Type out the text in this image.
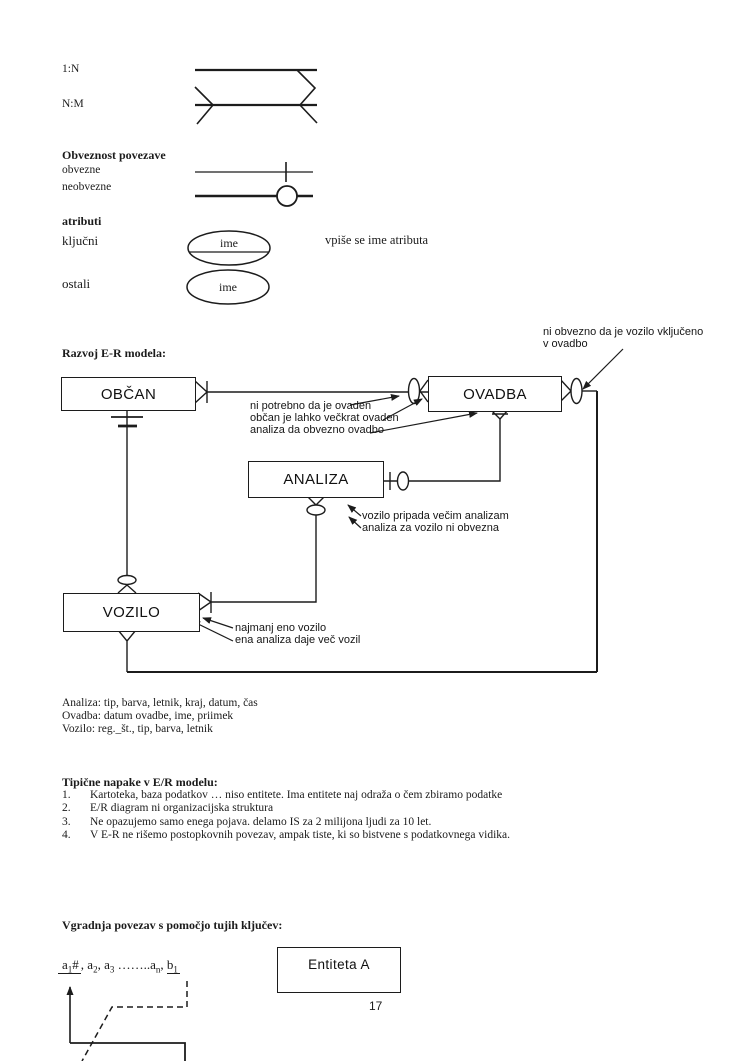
1:N
N:M
Obveznost povezave
obvezne
neobvezne
atributi
ključni	ime	vpiše se ime atributa
ostali	ime
Razvoj E-R modela:
OBČAN	OVADBA
ANALIZA
VOZILO
ni obvezno da je vozilo vključeno
v ovadbo
ni potrebno da je ovaden
občan je lahko večkrat ovaden
analiza da obvezno ovadbo
vozilo pripada večim analizam
analiza za vozilo ni obvezna
najmanj eno vozilo
ena analiza daje več vozil
Analiza: tip, barva, letnik, kraj, datum, čas
Ovadba: datum ovadbe, ime, priimek
Vozilo: reg._št., tip, barva, letnik
Tipične napake v E/R modelu:
1.	Kartoteka, baza podatkov … niso entitete. Ima entitete naj odraža o čem zbiramo podatke
2.	E/R diagram ni organizacijska struktura
3.	Ne opazujemo samo enega pojava. delamo IS za 2 milijona ljudi za 10 let.
4.	V E-R ne rišemo postopkovnih povezav, ampak tiste, ki so bistvene s podatkovnega vidika.
Vgradnja povezav s pomočjo tujih ključev:
$a_1\#$ , $a_2$, $a_3$ $\dots\dots..a_n$, $b_1$	Entiteta A
17
